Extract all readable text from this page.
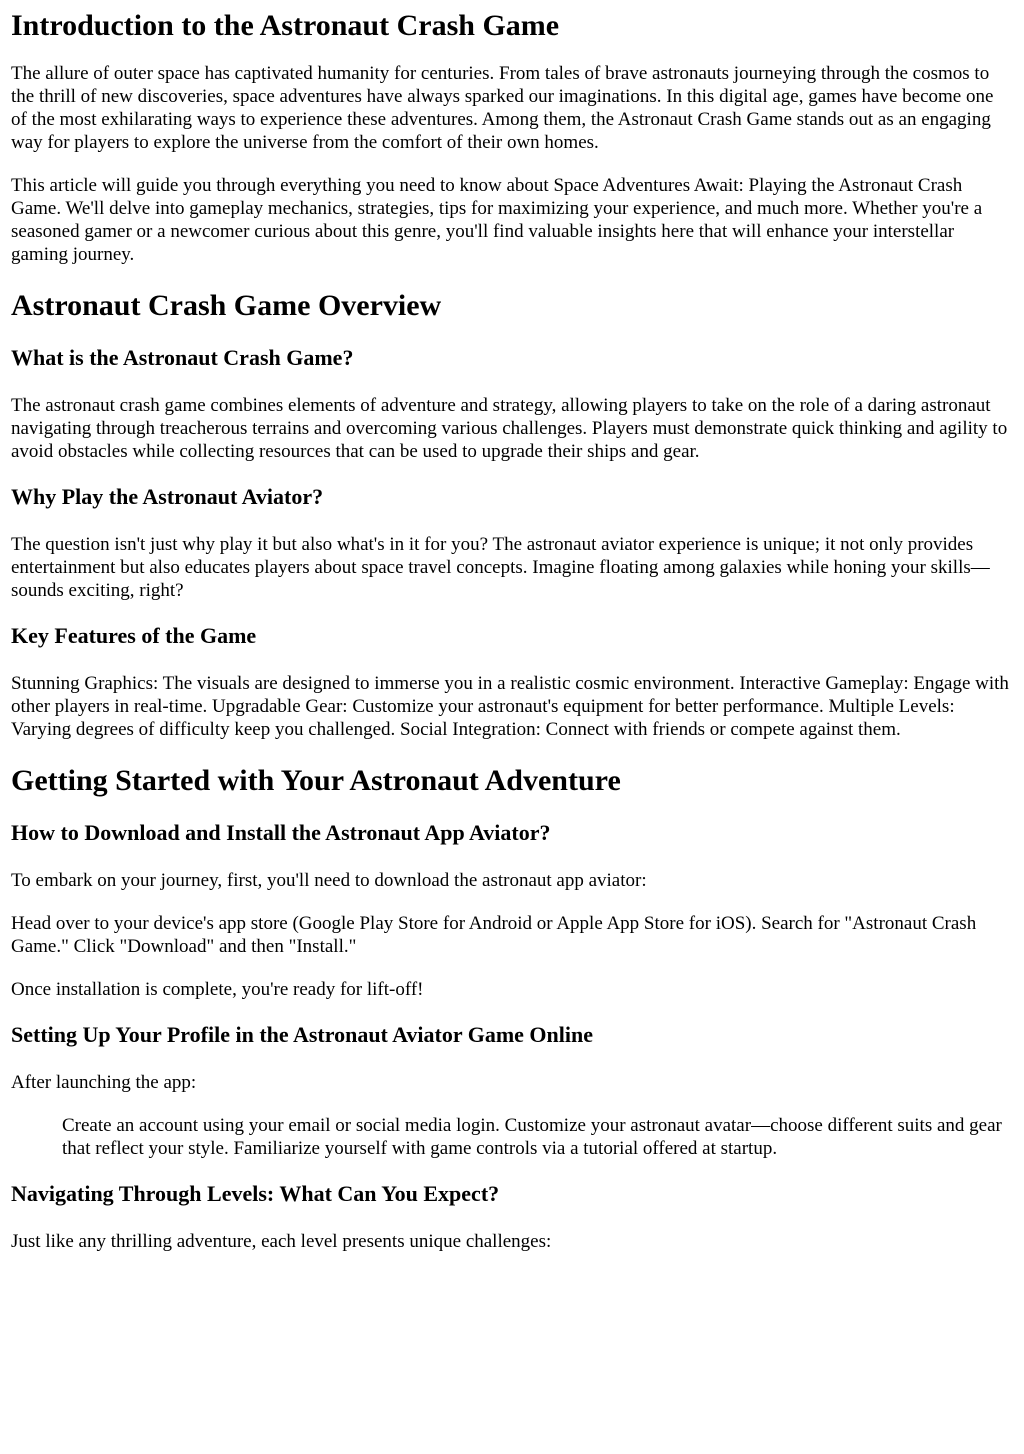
Introduction to the Astronaut Crash Game

The allure of outer space has captivated humanity for centuries. From tales of brave astronauts journeying through the cosmos to the thrill of new discoveries, space adventures have always sparked our imaginations. In this digital age, games have become one of the most exhilarating ways to experience these adventures. Among them, the Astronaut Crash Game stands out as an engaging way for players to explore the universe from the comfort of their own homes.

This article will guide you through everything you need to know about Space Adventures Await: Playing the Astronaut Crash Game. We'll delve into gameplay mechanics, strategies, tips for maximizing your experience, and much more. Whether you're a seasoned gamer or a newcomer curious about this genre, you'll find valuable insights here that will enhance your interstellar gaming journey.

Astronaut Crash Game Overview
What is the Astronaut Crash Game?

The astronaut crash game combines elements of adventure and strategy, allowing players to take on the role of a daring astronaut navigating through treacherous terrains and overcoming various challenges. Players must demonstrate quick thinking and agility to avoid obstacles while collecting resources that can be used to upgrade their ships and gear.

Why Play the Astronaut Aviator?

The question isn't just why play it but also what's in it for you? The astronaut aviator experience is unique; it not only provides entertainment but also educates players about space travel concepts. Imagine floating among galaxies while honing your skills—sounds exciting, right?

Key Features of the Game

Stunning Graphics: The visuals are designed to immerse you in a realistic cosmic environment. Interactive Gameplay: Engage with other players in real-time. Upgradable Gear: Customize your astronaut's equipment for better performance. Multiple Levels: Varying degrees of difficulty keep you challenged. Social Integration: Connect with friends or compete against them.

Getting Started with Your Astronaut Adventure
How to Download and Install the Astronaut App Aviator?

To embark on your journey, first, you'll need to download the astronaut app aviator:

Head over to your device's app store (Google Play Store for Android or Apple App Store for iOS). Search for "Astronaut Crash Game." Click "Download" and then "Install."

Once installation is complete, you're ready for lift-off!

Setting Up Your Profile in the Astronaut Aviator Game Online

After launching the app:

Create an account using your email or social media login. Customize your astronaut avatar—choose different suits and gear that reflect your style. Familiarize yourself with game controls via a tutorial offered at startup.
Navigating Through Levels: What Can You Expect?

Just like any thrilling adventure, each level presents unique challenges:
